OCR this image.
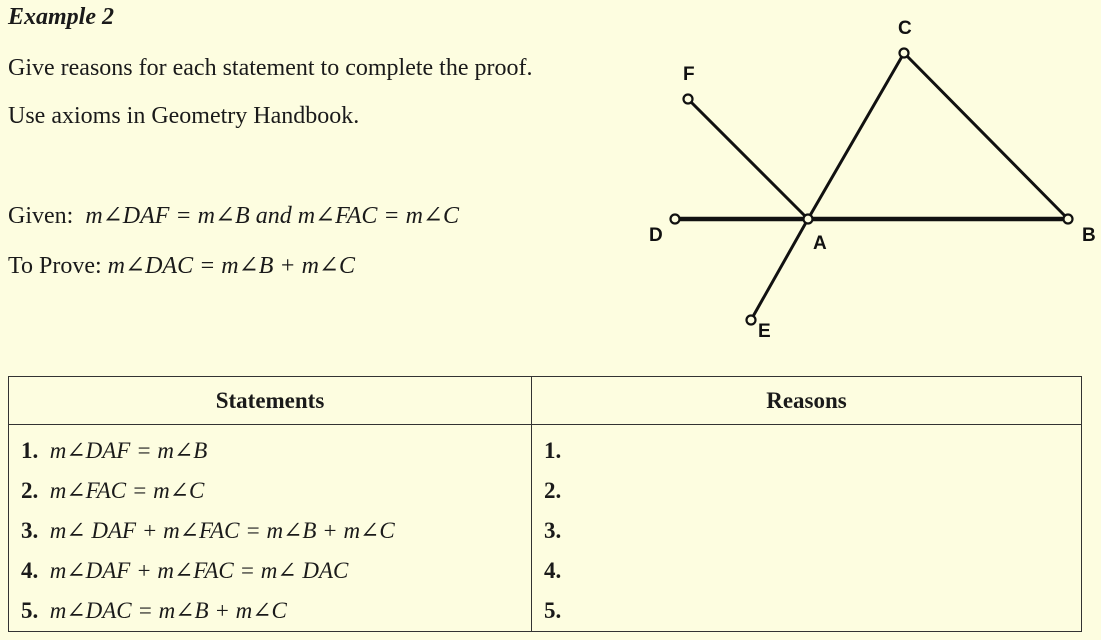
Example 2
Give reasons for each statement to complete the proof.
Use axioms in Geometry Handbook.
Given: m∠DAF = m∠B and m∠FAC = m∠C
To Prove: m∠DAC = m∠B + m∠C
C
F
D	A	B
E
Statements	Reasons
1. m∠DAF = m∠B	1.
2. m∠FAC = m∠C	2.
3. m∠ DAF + m∠FAC = m∠B + m∠C	3.
4. m∠DAF + m∠FAC = m∠ DAC	4.
5. m∠DAC = m∠B + m∠C	5.
